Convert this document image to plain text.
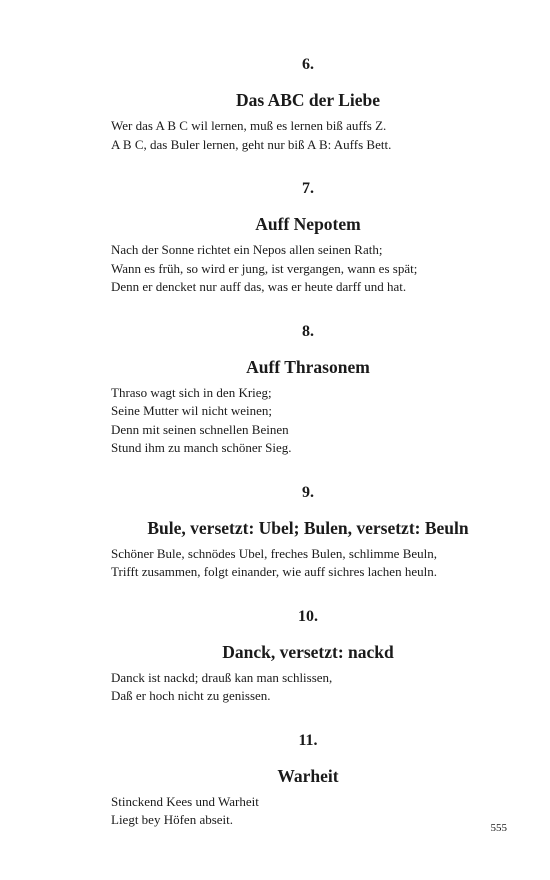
6.
Das ABC der Liebe
Wer das A B C wil lernen, muß es lernen biß auffs Z.
A B C, das Buler lernen, geht nur biß A B: Auffs Bett.
7.
Auff Nepotem
Nach der Sonne richtet ein Nepos allen seinen Rath;
Wann es früh, so wird er jung, ist vergangen, wann es spät;
Denn er dencket nur auff das, was er heute darff und hat.
8.
Auff Thrasonem
Thraso wagt sich in den Krieg;
Seine Mutter wil nicht weinen;
Denn mit seinen schnellen Beinen
Stund ihm zu manch schöner Sieg.
9.
Bule, versetzt: Ubel; Bulen, versetzt: Beuln
Schöner Bule, schnödes Ubel, freches Bulen, schlimme Beuln,
Trifft zusammen, folgt einander, wie auff sichres lachen heuln.
10.
Danck, versetzt: nackd
Danck ist nackd; drauß kan man schlissen,
Daß er hoch nicht zu genissen.
11.
Warheit
Stinckend Kees und Warheit
Liegt bey Höfen abseit.
555
